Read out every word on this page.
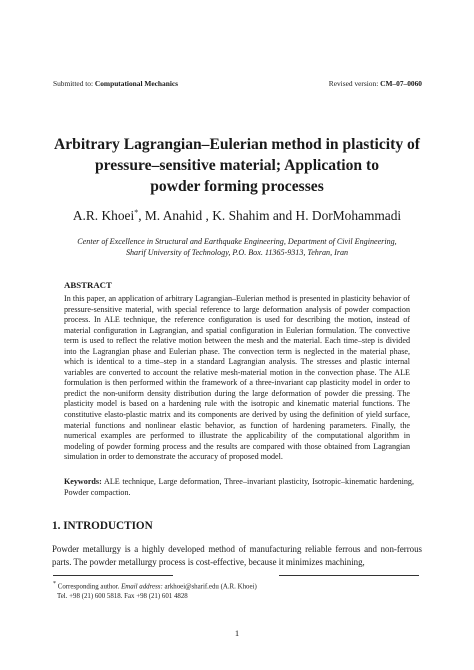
Submitted to: Computational Mechanics	Revised version: CM–07–0060
Arbitrary Lagrangian–Eulerian method in plasticity of
pressure–sensitive material; Application to
powder forming processes
A.R. Khoei*, M. Anahid , K. Shahim and H. DorMohammadi
Center of Excellence in Structural and Earthquake Engineering, Department of Civil Engineering,
Sharif University of Technology, P.O. Box. 11365-9313, Tehran, Iran
ABSTRACT

In this paper, an application of arbitrary Lagrangian–Eulerian method is presented in plasticity behavior of pressure-sensitive material, with special reference to large deformation analysis of powder compaction process. In ALE technique, the reference configuration is used for describing the motion, instead of material configuration in Lagrangian, and spatial configuration in Eulerian formulation. The convective term is used to reflect the relative motion between the mesh and the material. Each time–step is divided into the Lagrangian phase and Eulerian phase. The convection term is neglected in the material phase, which is identical to a time–step in a standard Lagrangian analysis. The stresses and plastic internal variables are converted to account the relative mesh-material motion in the convection phase. The ALE formulation is then performed within the framework of a three-invariant cap plasticity model in order to predict the non-uniform density distribution during the large deformation of powder die pressing. The plasticity model is based on a hardening rule with the isotropic and kinematic material functions. The constitutive elasto-plastic matrix and its components are derived by using the definition of yield surface, material functions and nonlinear elastic behavior, as function of hardening parameters. Finally, the numerical examples are performed to illustrate the applicability of the computational algorithm in modeling of powder forming process and the results are compared with those obtained from Lagrangian simulation in order to demonstrate the accuracy of proposed model.

Keywords: ALE technique, Large deformation, Three–invariant plasticity, Isotropic–kinematic hardening, Powder compaction.

1. INTRODUCTION

Powder metallurgy is a highly developed method of manufacturing reliable ferrous and non-ferrous parts. The powder metallurgy process is cost-effective, because it minimizes machining,

* Corresponding author. Email address: arkhoei@sharif.edu (A.R. Khoei)
Tel. +98 (21) 600 5818. Fax +98 (21) 601 4828
1
